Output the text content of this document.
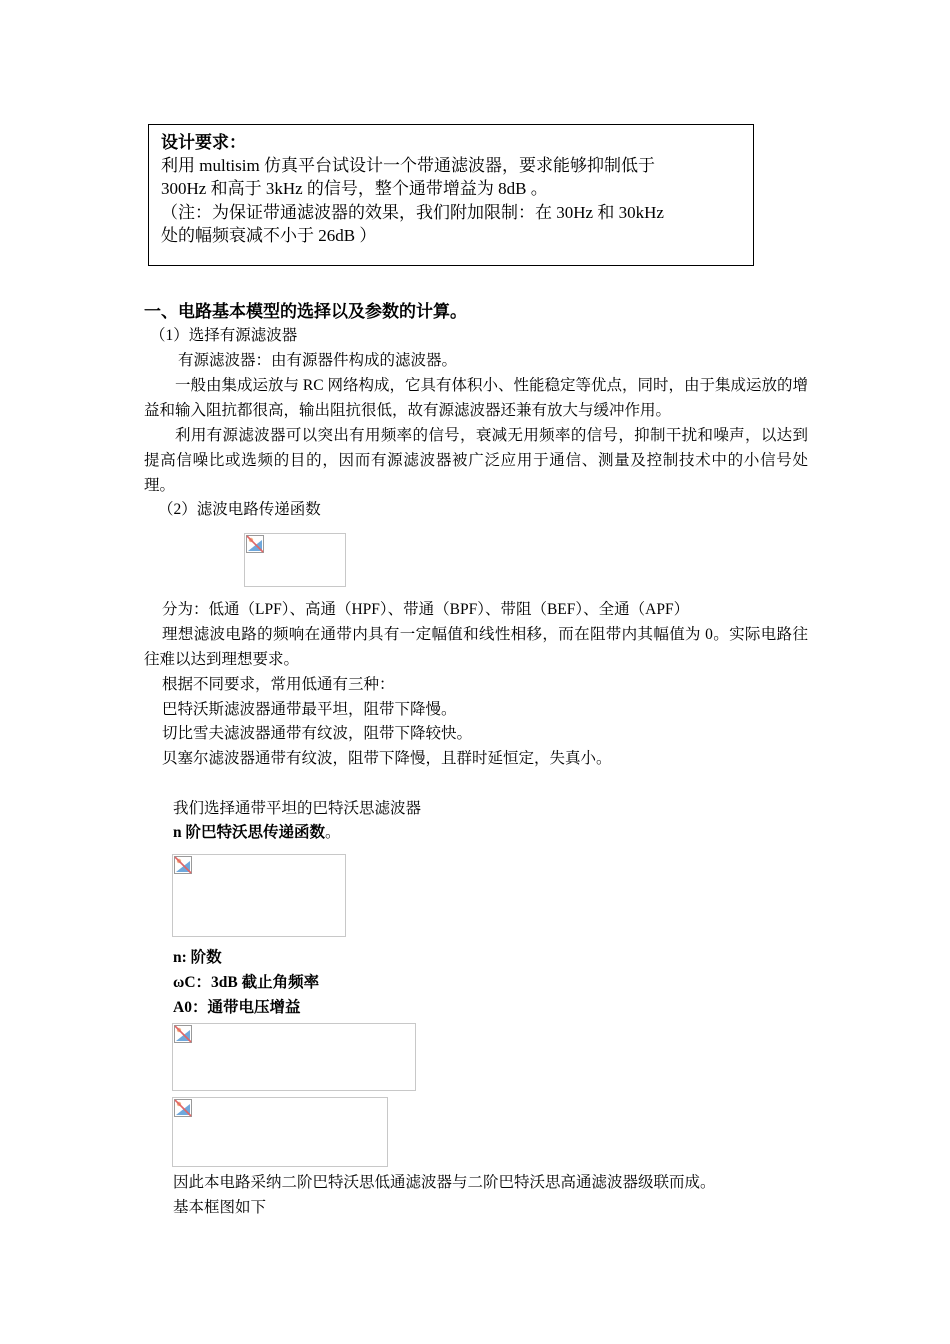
设计要求：
利用 multisim 仿真平台试设计一个带通滤波器，要求能够抑制低于
300Hz 和高于 3kHz 的信号，整个通带增益为 8dB 。
（注：为保证带通滤波器的效果，我们附加限制：在 30Hz 和 30kHz
处的幅频衰减不小于 26dB ）
一、电路基本模型的选择以及参数的计算。
（1）选择有源滤波器
有源滤波器：由有源器件构成的滤波器。
一般由集成运放与 RC 网络构成，它具有体积小、性能稳定等优点，同时，由于集成运放的增益和输入阻抗都很高，输出阻抗很低，故有源滤波器还兼有放大与缓冲作用。
利用有源滤波器可以突出有用频率的信号，衰减无用频率的信号，抑制干扰和噪声，以达到提高信噪比或选频的目的，因而有源滤波器被广泛应用于通信、测量及控制技术中的小信号处理。
（2）滤波电路传递函数
分为：低通（LPF）、高通（HPF）、带通（BPF）、带阻（BEF）、全通（APF）
理想滤波电路的频响在通带内具有一定幅值和线性相移，而在阻带内其幅值为 0。实际电路往往难以达到理想要求。
根据不同要求，常用低通有三种：
巴特沃斯滤波器通带最平坦，阻带下降慢。
切比雪夫滤波器通带有纹波，阻带下降较快。
贝塞尔滤波器通带有纹波，阻带下降慢，且群时延恒定，失真小。
我们选择通带平坦的巴特沃思滤波器
n 阶巴特沃思传递函数。
n: 阶数
ωC：3dB 截止角频率
A0：通带电压增益
因此本电路采纳二阶巴特沃思低通滤波器与二阶巴特沃思高通滤波器级联而成。
基本框图如下
